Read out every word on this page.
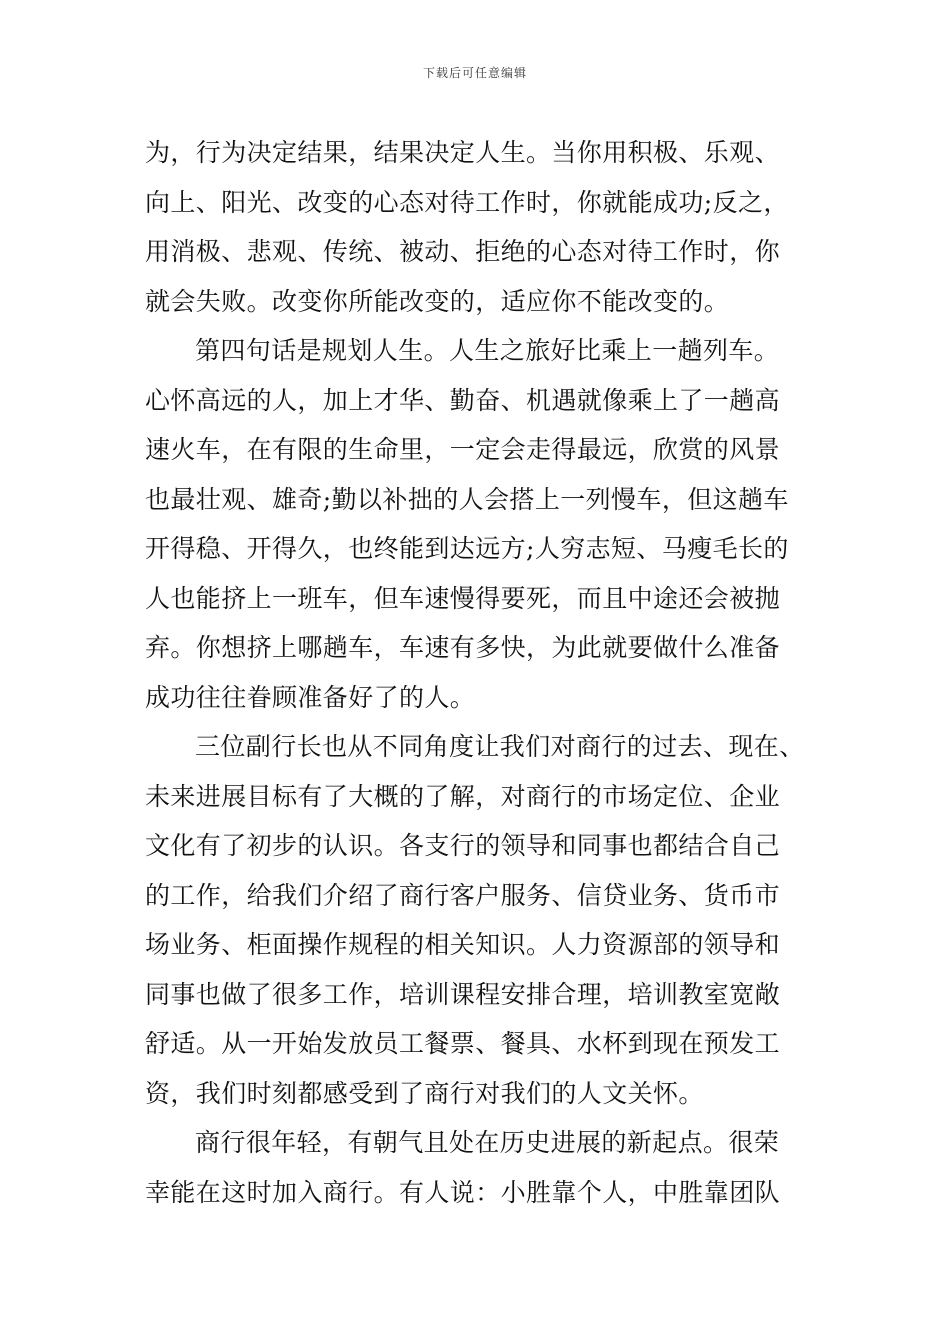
下载后可任意编辑
为，行为决定结果，结果决定人生。当你用积极、乐观、
向上、阳光、改变的心态对待工作时，你就能成功;反之，
用消极、悲观、传统、被动、拒绝的心态对待工作时，你
就会失败。改变你所能改变的，适应你不能改变的。
第四句话是规划人生。人生之旅好比乘上一趟列车。
心怀高远的人，加上才华、勤奋、机遇就像乘上了一趟高
速火车，在有限的生命里，一定会走得最远，欣赏的风景
也最壮观、雄奇;勤以补拙的人会搭上一列慢车，但这趟车
开得稳、开得久，也终能到达远方;人穷志短、马瘦毛长的
人也能挤上一班车，但车速慢得要死，而且中途还会被抛
弃。你想挤上哪趟车，车速有多快，为此就要做什么准备
成功往往眷顾准备好了的人。
三位副行长也从不同角度让我们对商行的过去、现在、
未来进展目标有了大概的了解，对商行的市场定位、企业
文化有了初步的认识。各支行的领导和同事也都结合自己
的工作，给我们介绍了商行客户服务、信贷业务、货币市
场业务、柜面操作规程的相关知识。人力资源部的领导和
同事也做了很多工作，培训课程安排合理，培训教室宽敞
舒适。从一开始发放员工餐票、餐具、水杯到现在预发工
资，我们时刻都感受到了商行对我们的人文关怀。
商行很年轻，有朝气且处在历史进展的新起点。很荣
幸能在这时加入商行。有人说：小胜靠个人，中胜靠团队
